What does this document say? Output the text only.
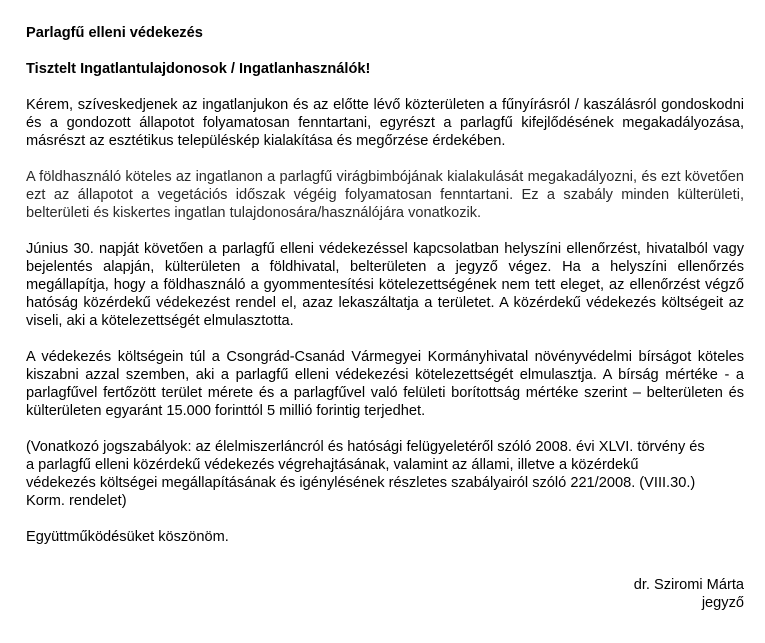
Parlagfű elleni védekezés

Tisztelt Ingatlantulajdonosok / Ingatlanhasználók!

Kérem, szíveskedjenek az ingatlanjukon és az előtte lévő közterületen a fűnyírásról / kaszálásról gondoskodni és a gondozott állapotot folyamatosan fenntartani, egyrészt a parlagfű kifejlődésének megakadályozása, másrészt az esztétikus településkép kialakítása és megőrzése érdekében.

A földhasználó köteles az ingatlanon a parlagfű virágbimbójának kialakulását megakadályozni, és ezt követően ezt az állapotot a vegetációs időszak végéig folyamatosan fenntartani. Ez a szabály minden külterületi, belterületi és kiskertes ingatlan tulajdonosára/használójára vonatkozik.

Június 30. napját követően a parlagfű elleni védekezéssel kapcsolatban helyszíni ellenőrzést, hivatalból vagy bejelentés alapján, külterületen a földhivatal, belterületen a jegyző végez. Ha a helyszíni ellenőrzés megállapítja, hogy a földhasználó a gyommentesítési kötelezettségének nem tett eleget, az ellenőrzést végző hatóság közérdekű védekezést rendel el, azaz lekaszáltatja a területet. A közérdekű védekezés költségeit az viseli, aki a kötelezettségét elmulasztotta.

A védekezés költségein túl a Csongrád-Csanád Vármegyei Kormányhivatal növényvédelmi bírságot köteles kiszabni azzal szemben, aki a parlagfű elleni védekezési kötelezettségét elmulasztja. A bírság mértéke - a parlagfűvel fertőzött terület mérete és a parlagfűvel való felületi borítottság mértéke szerint – belterületen és külterületen egyaránt 15.000 forinttól 5 millió forintig terjedhet.

(Vonatkozó jogszabályok: az élelmiszerláncról és hatósági felügyeletéről szóló 2008. évi XLVI. törvény és a parlagfű elleni közérdekű védekezés végrehajtásának, valamint az állami, illetve a közérdekű védekezés költségei megállapításának és igénylésének részletes szabályairól szóló 221/2008. (VIII.30.) Korm. rendelet)

Együttműködésüket köszönöm.

dr. Sziromi Márta
jegyző
